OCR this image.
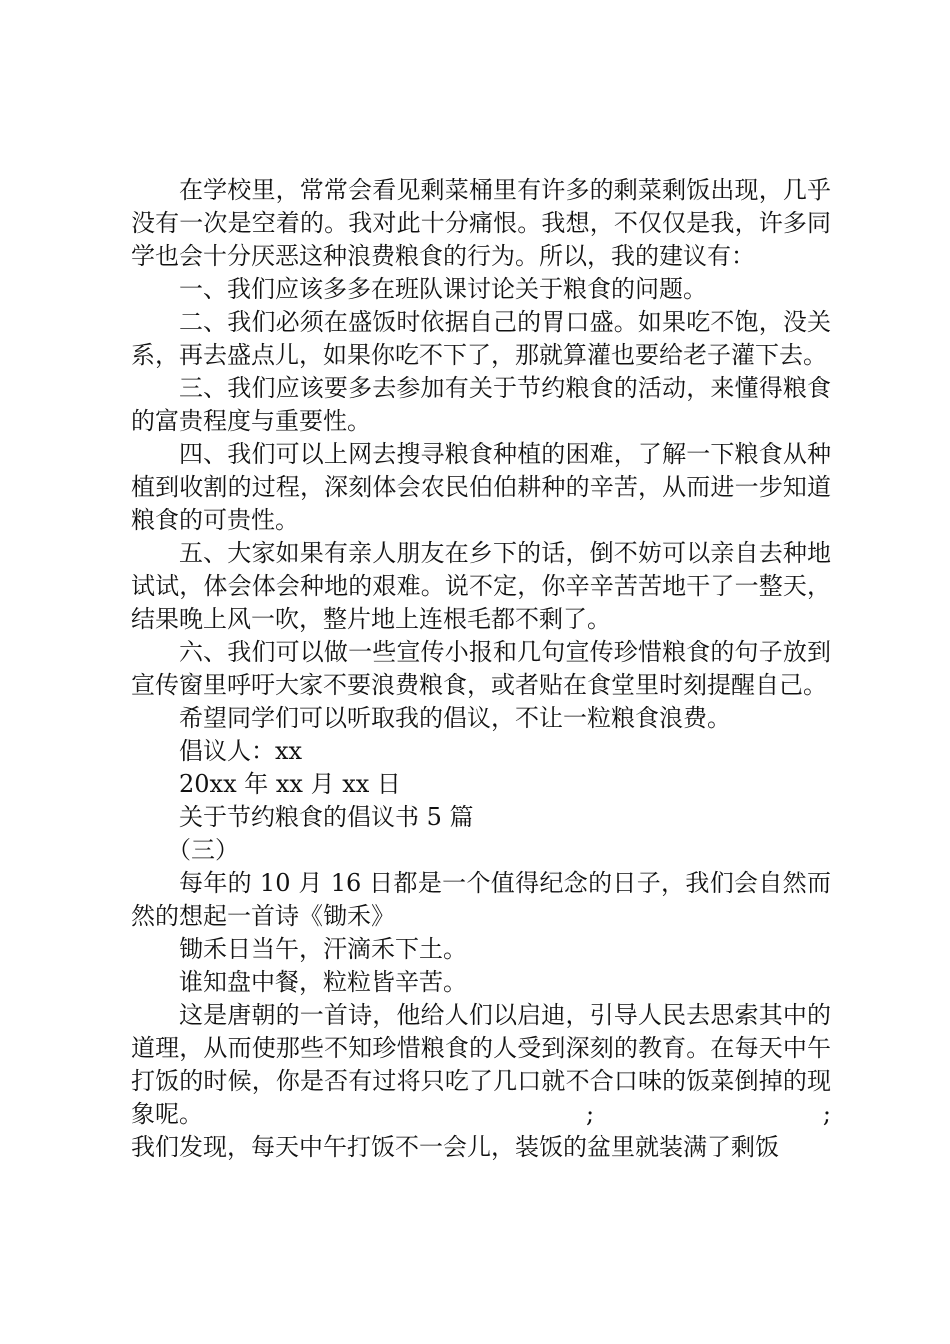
在学校里，常常会看见剩菜桶里有许多的剩菜剩饭出现，几乎没有一次是空着的。我对此十分痛恨。我想，不仅仅是我，许多同学也会十分厌恶这种浪费粮食的行为。所以，我的建议有：

一、我们应该多多在班队课讨论关于粮食的问题。

二、我们必须在盛饭时依据自己的胃口盛。如果吃不饱，没关系，再去盛点儿，如果你吃不下了，那就算灌也要给老子灌下去。

三、我们应该要多去参加有关于节约粮食的活动，来懂得粮食的富贵程度与重要性。

四、我们可以上网去搜寻粮食种植的困难，了解一下粮食从种植到收割的过程，深刻体会农民伯伯耕种的辛苦，从而进一步知道粮食的可贵性。

五、大家如果有亲人朋友在乡下的话，倒不妨可以亲自去种地试试，体会体会种地的艰难。说不定，你辛辛苦苦地干了一整天，结果晚上风一吹，整片地上连根毛都不剩了。

六、我们可以做一些宣传小报和几句宣传珍惜粮食的句子放到宣传窗里呼吁大家不要浪费粮食，或者贴在食堂里时刻提醒自己。

希望同学们可以听取我的倡议，不让一粒粮食浪费。

倡议人：xx

20xx 年 xx 月 xx 日

关于节约粮食的倡议书 5 篇

（三）

每年的 10 月 16 日都是一个值得纪念的日子，我们会自然而然的想起一首诗《锄禾》

锄禾日当午，汗滴禾下土。

谁知盘中餐，粒粒皆辛苦。

这是唐朝的一首诗，他给人们以启迪，引导人民去思索其中的道理，从而使那些不知珍惜粮食的人受到深刻的教育。在每天中午打饭的时候，你是否有过将只吃了几口就不合口味的饭菜倒掉的现象呢。	;	;

我们发现，每天中午打饭不一会儿，装饭的盆里就装满了剩饭
